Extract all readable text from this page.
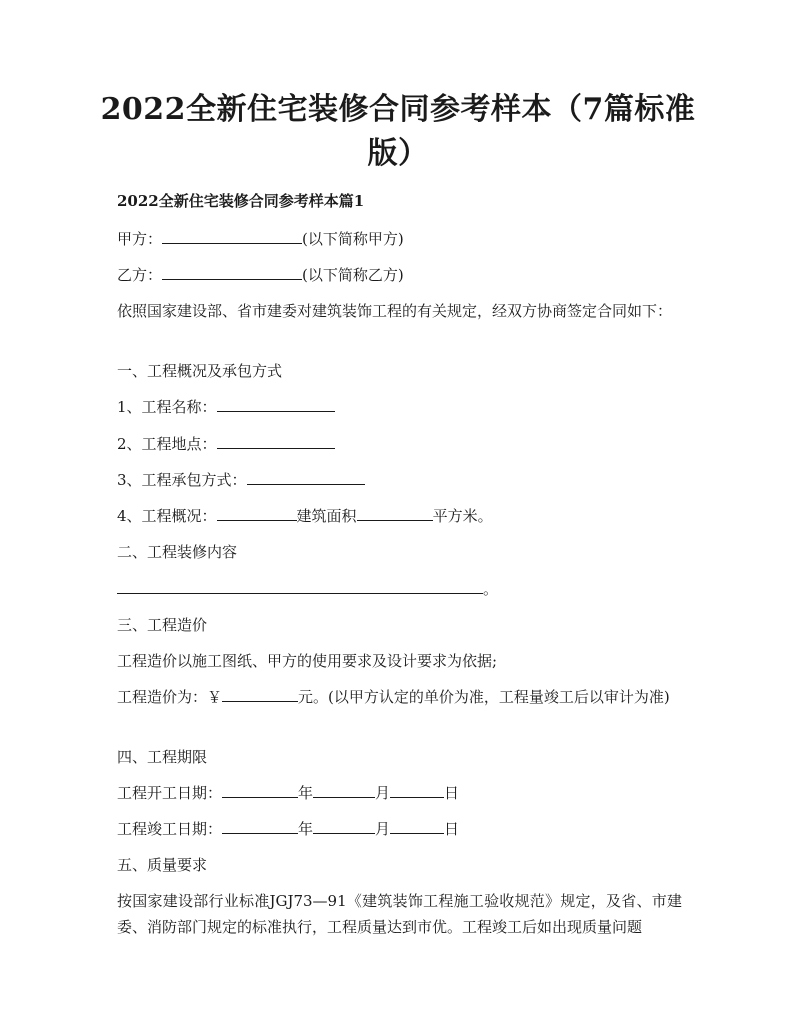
2022全新住宅装修合同参考样本（7篇标准版）
2022全新住宅装修合同参考样本篇1
甲方：	(以下简称甲方)
乙方：	(以下简称乙方)
依照国家建设部、省市建委对建筑装饰工程的有关规定，经双方协商签定合同如下：
一、工程概况及承包方式
1、工程名称：
2、工程地点：
3、工程承包方式：
4、工程概况：	建筑面积	平方米。
二、工程装修内容
。
三、工程造价
工程造价以施工图纸、甲方的使用要求及设计要求为依据;
工程造价为：￥	元。(以甲方认定的单价为准，工程量竣工后以审计为准)
四、工程期限
工程开工日期：	年	月	日
工程竣工日期：	年	月	日
五、质量要求
按国家建设部行业标准JGJ73—91《建筑装饰工程施工验收规范》规定，及省、市建委、消防部门规定的标准执行，工程质量达到市优。工程竣工后如出现质量问题
